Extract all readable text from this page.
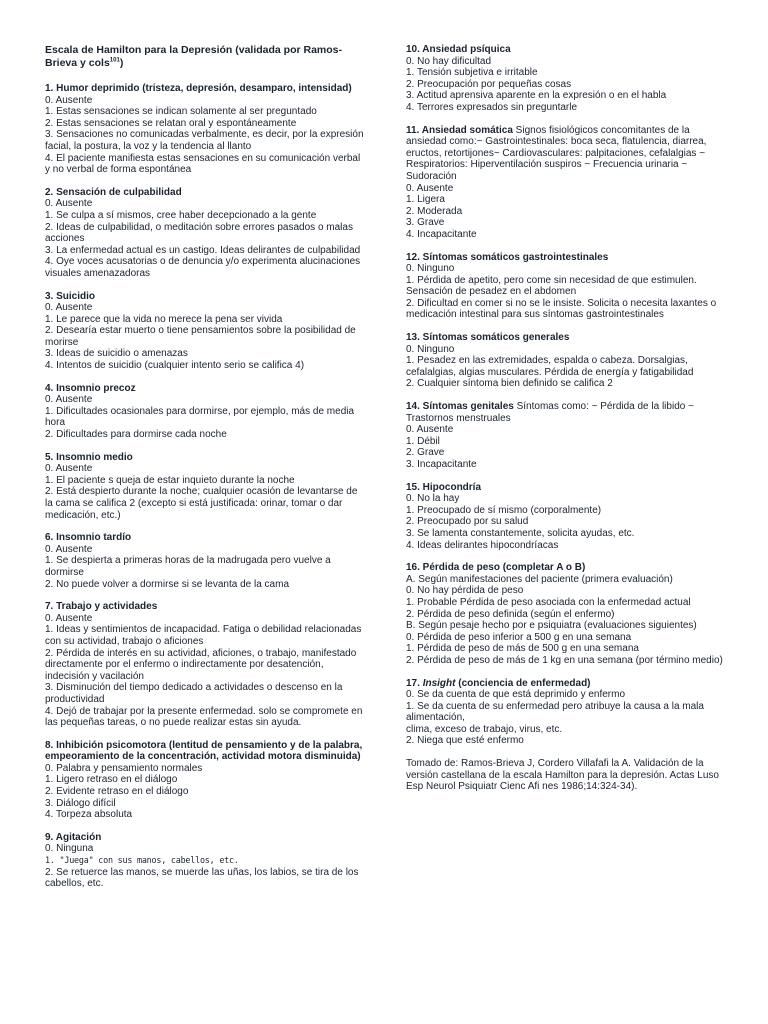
Escala de Hamilton para la Depresión (validada por Ramos-Brieva y cols$^{101}$)
1. Humor deprimido (tristeza, depresión, desamparo, intensidad)
0. Ausente
1. Estas sensaciones se indican solamente al ser preguntado
2. Estas sensaciones se relatan oral y espontáneamente
3. Sensaciones no comunicadas verbalmente, es decir, por la expresión facial, la postura, la voz y la tendencia al llanto
4. El paciente manifiesta estas sensaciones en su comunicación verbal y no verbal de forma espontánea
2. Sensación de culpabilidad
0. Ausente
1. Se culpa a sí mismos, cree haber decepcionado a la gente
2. Ideas de culpabilidad, o meditación sobre errores pasados o malas acciones
3. La enfermedad actual es un castigo. Ideas delirantes de culpabilidad
4. Oye voces acusatorias o de denuncia y/o experimenta alucinaciones visuales amenazadoras
3. Suicidio
0. Ausente
1. Le parece que la vida no merece la pena ser vivida
2. Desearía estar muerto o tiene pensamientos sobre la posibilidad de morirse
3. Ideas de suicidio o amenazas
4. Intentos de suicidio (cualquier intento serio se califica 4)
4. Insomnio precoz
0. Ausente
1. Dificultades ocasionales para dormirse, por ejemplo, más de media hora
2. Dificultades para dormirse cada noche
5. Insomnio medio
0. Ausente
1. El paciente s queja de estar inquieto durante la noche
2. Está despierto durante la noche; cualquier ocasión de levantarse de la cama se califica 2 (excepto si está justificada: orinar, tomar o dar medicación, etc.)
6. Insomnio tardío
0. Ausente
1. Se despierta a primeras horas de la madrugada pero vuelve a dormirse
2. No puede volver a dormirse si se levanta de la cama
7. Trabajo y actividades
0. Ausente
1. Ideas y sentimientos de incapacidad. Fatiga o debilidad relacionadas con su actividad, trabajo o aficiones
2. Pérdida de interés en su actividad, aficiones, o trabajo, manifestado directamente por el enfermo o indirectamente por desatención, indecisión y vacilación
3. Disminución del tiempo dedicado a actividades o descenso en la productividad
4. Dejó de trabajar por la presente enfermedad. solo se compromete en las pequeñas tareas, o no puede realizar estas sin ayuda.
8. Inhibición psicomotora (lentitud de pensamiento y de la palabra, empeoramiento de la concentración, actividad motora disminuida)
0. Palabra y pensamiento normales
1. Ligero retraso en el diálogo
2. Evidente retraso en el diálogo
3. Diálogo difícil
4. Torpeza absoluta
9. Agitación
0. Ninguna
1. "Juega" con sus manos, cabellos, etc.
2. Se retuerce las manos, se muerde las uñas, los labios, se tira de los cabellos, etc.
10. Ansiedad psíquica
0. No hay dificultad
1. Tensión subjetiva e irritable
2. Preocupación por pequeñas cosas
3. Actitud aprensiva aparente en la expresión o en el habla
4. Terrores expresados sin preguntarle
11. Ansiedad somática Signos fisiológicos concomitantes de la ansiedad como:~ Gastrointestinales: boca seca, flatulencia, diarrea, eructos, retortijones~ Cardiovasculares: palpitaciones, cefalalgias ~ Respiratorios: Hiperventilación suspiros ~ Frecuencia urinaria ~ Sudoración
0. Ausente
1. Ligera
2. Moderada
3. Grave
4. Incapacitante
12. Síntomas somáticos gastrointestinales
0. Ninguno
1. Pérdida de apetito, pero come sin necesidad de que estimulen. Sensación de pesadez en el abdomen
2. Dificultad en comer si no se le insiste. Solicita o necesita laxantes o medicación intestinal para sus síntomas gastrointestinales
13. Síntomas somáticos generales
0. Ninguno
1. Pesadez en las extremidades, espalda o cabeza. Dorsalgias, cefalalgias, algias musculares. Pérdida de energía y fatigabilidad
2. Cualquier síntoma bien definido se califica 2
14. Síntomas genitales Síntomas como: ~ Pérdida de la libido ~ Trastornos menstruales
0. Ausente
1. Débil
2. Grave
3. Incapacitante
15. Hipocondría
0. No la hay
1. Preocupado de sí mismo (corporalmente)
2. Preocupado por su salud
3. Se lamenta constantemente, solicita ayudas, etc.
4. Ideas delirantes hipocondríacas
16. Pérdida de peso (completar A o B)
A. Según manifestaciones del paciente (primera evaluación)
0. No hay pérdida de peso
1. Probable Pérdida de peso asociada con la enfermedad actual
2. Pérdida de peso definida (según el enfermo)
B. Según pesaje hecho por e psiquiatra (evaluaciones siguientes)
0. Pérdida de peso inferior a 500 g en una semana
1. Pérdida de peso de más de 500 g en una semana
2. Pérdida de peso de más de 1 kg en una semana (por término medio)
17. Insight (conciencia de enfermedad)
0. Se da cuenta de que está deprimido y enfermo
1. Se da cuenta de su enfermedad pero atribuye la causa a la mala alimentación,
clima, exceso de trabajo, virus, etc.
2. Niega que esté enfermo
Tomado de: Ramos-Brieva J, Cordero Villafafi la A. Validación de la versión castellana de la escala Hamilton para la depresión. Actas Luso Esp Neurol Psiquiatr Cienc Afi nes 1986;14:324-34).
